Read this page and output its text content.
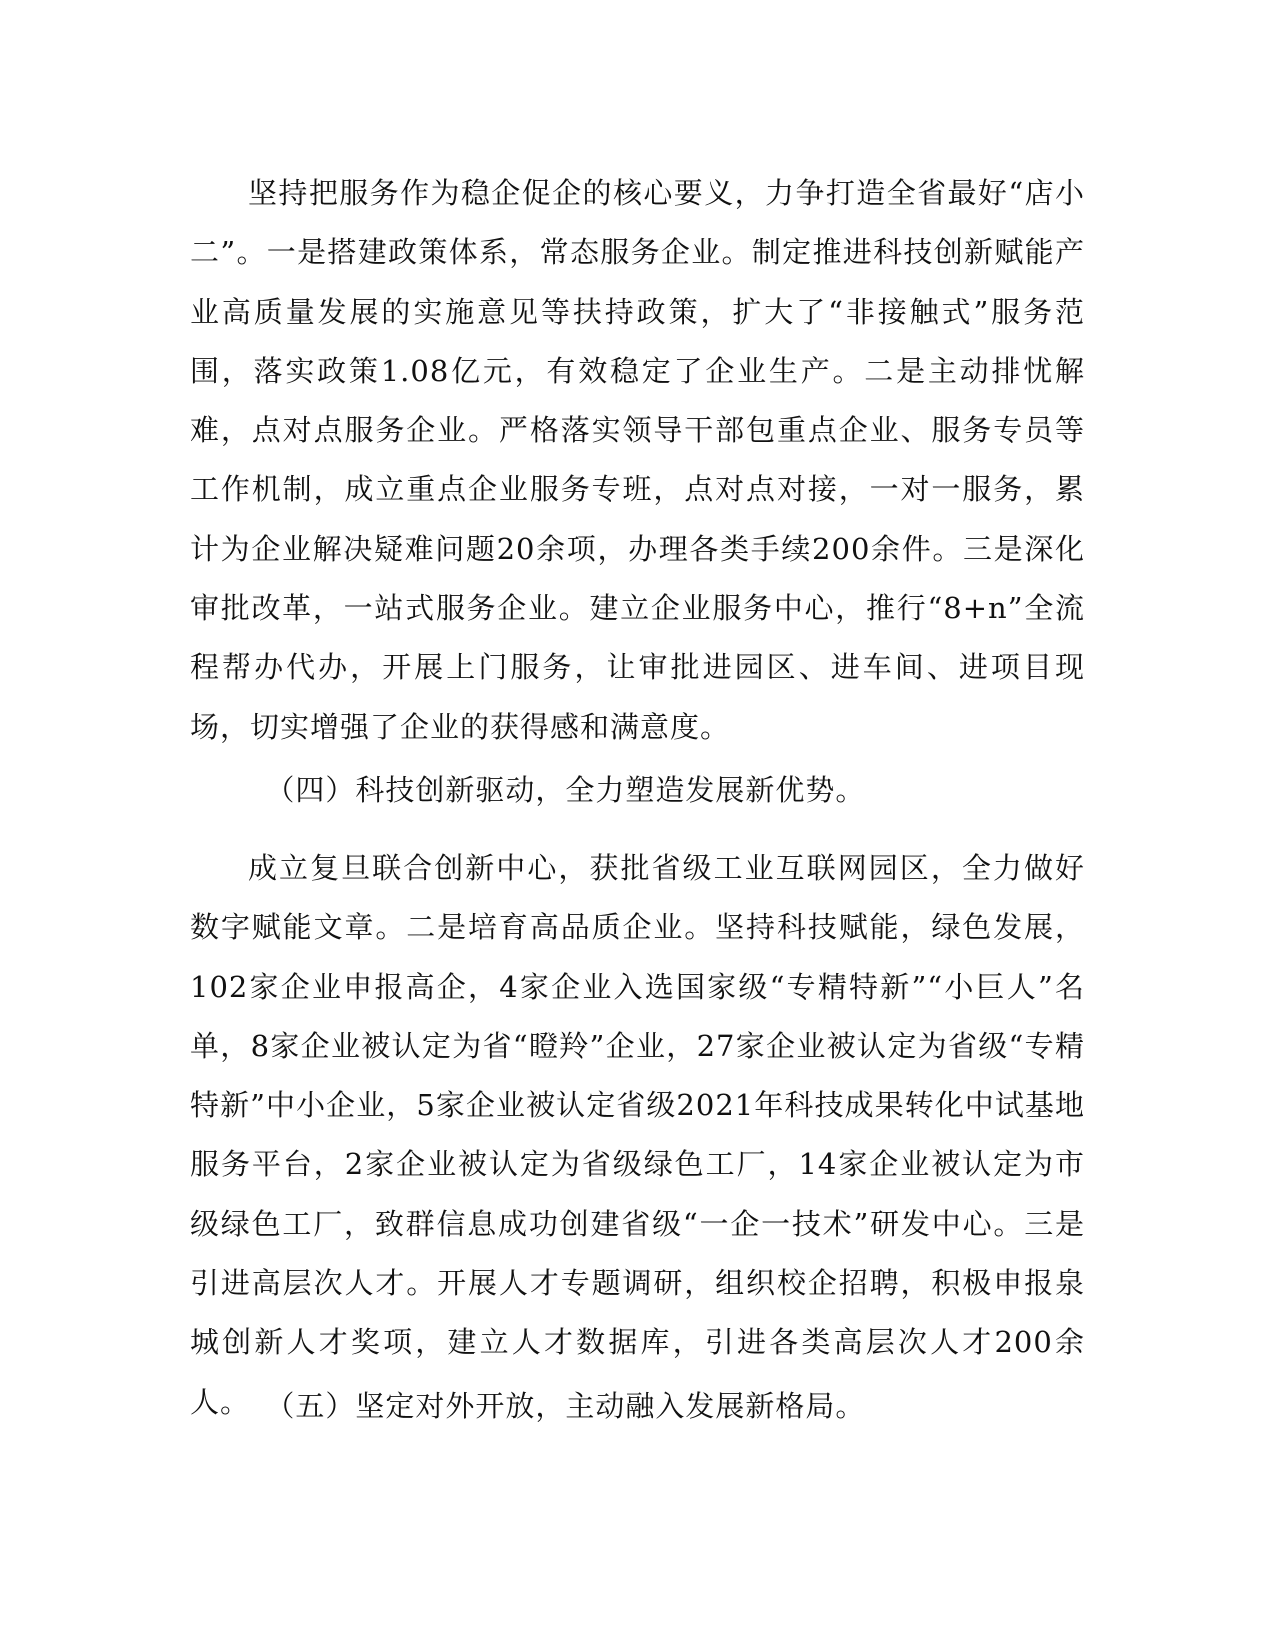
坚持把服务作为稳企促企的核心要义，力争打造全省最好“店小二”。一是搭建政策体系，常态服务企业。制定推进科技创新赋能产业高质量发展的实施意见等扶持政策，扩大了“非接触式”服务范围，落实政策1.08亿元，有效稳定了企业生产。二是主动排忧解难，点对点服务企业。严格落实领导干部包重点企业、服务专员等工作机制，成立重点企业服务专班，点对点对接，一对一服务，累计为企业解决疑难问题20余项，办理各类手续200余件。三是深化审批改革，一站式服务企业。建立企业服务中心，推行“8+n”全流程帮办代办，开展上门服务，让审批进园区、进车间、进项目现场，切实增强了企业的获得感和满意度。

（四）科技创新驱动，全力塑造发展新优势。

成立复旦联合创新中心，获批省级工业互联网园区，全力做好数字赋能文章。二是培育高品质企业。坚持科技赋能，绿色发展，102家企业申报高企，4家企业入选国家级“专精特新”“小巨人”名单，8家企业被认定为省“瞪羚”企业，27家企业被认定为省级“专精特新”中小企业，5家企业被认定省级2021年科技成果转化中试基地服务平台，2家企业被认定为省级绿色工厂，14家企业被认定为市级绿色工厂，致群信息成功创建省级“一企一技术”研发中心。三是引进高层次人才。开展人才专题调研，组织校企招聘，积极申报泉城创新人才奖项，建立人才数据库，引进各类高层次人才200余人。 （五）坚定对外开放，主动融入发展新格局。
